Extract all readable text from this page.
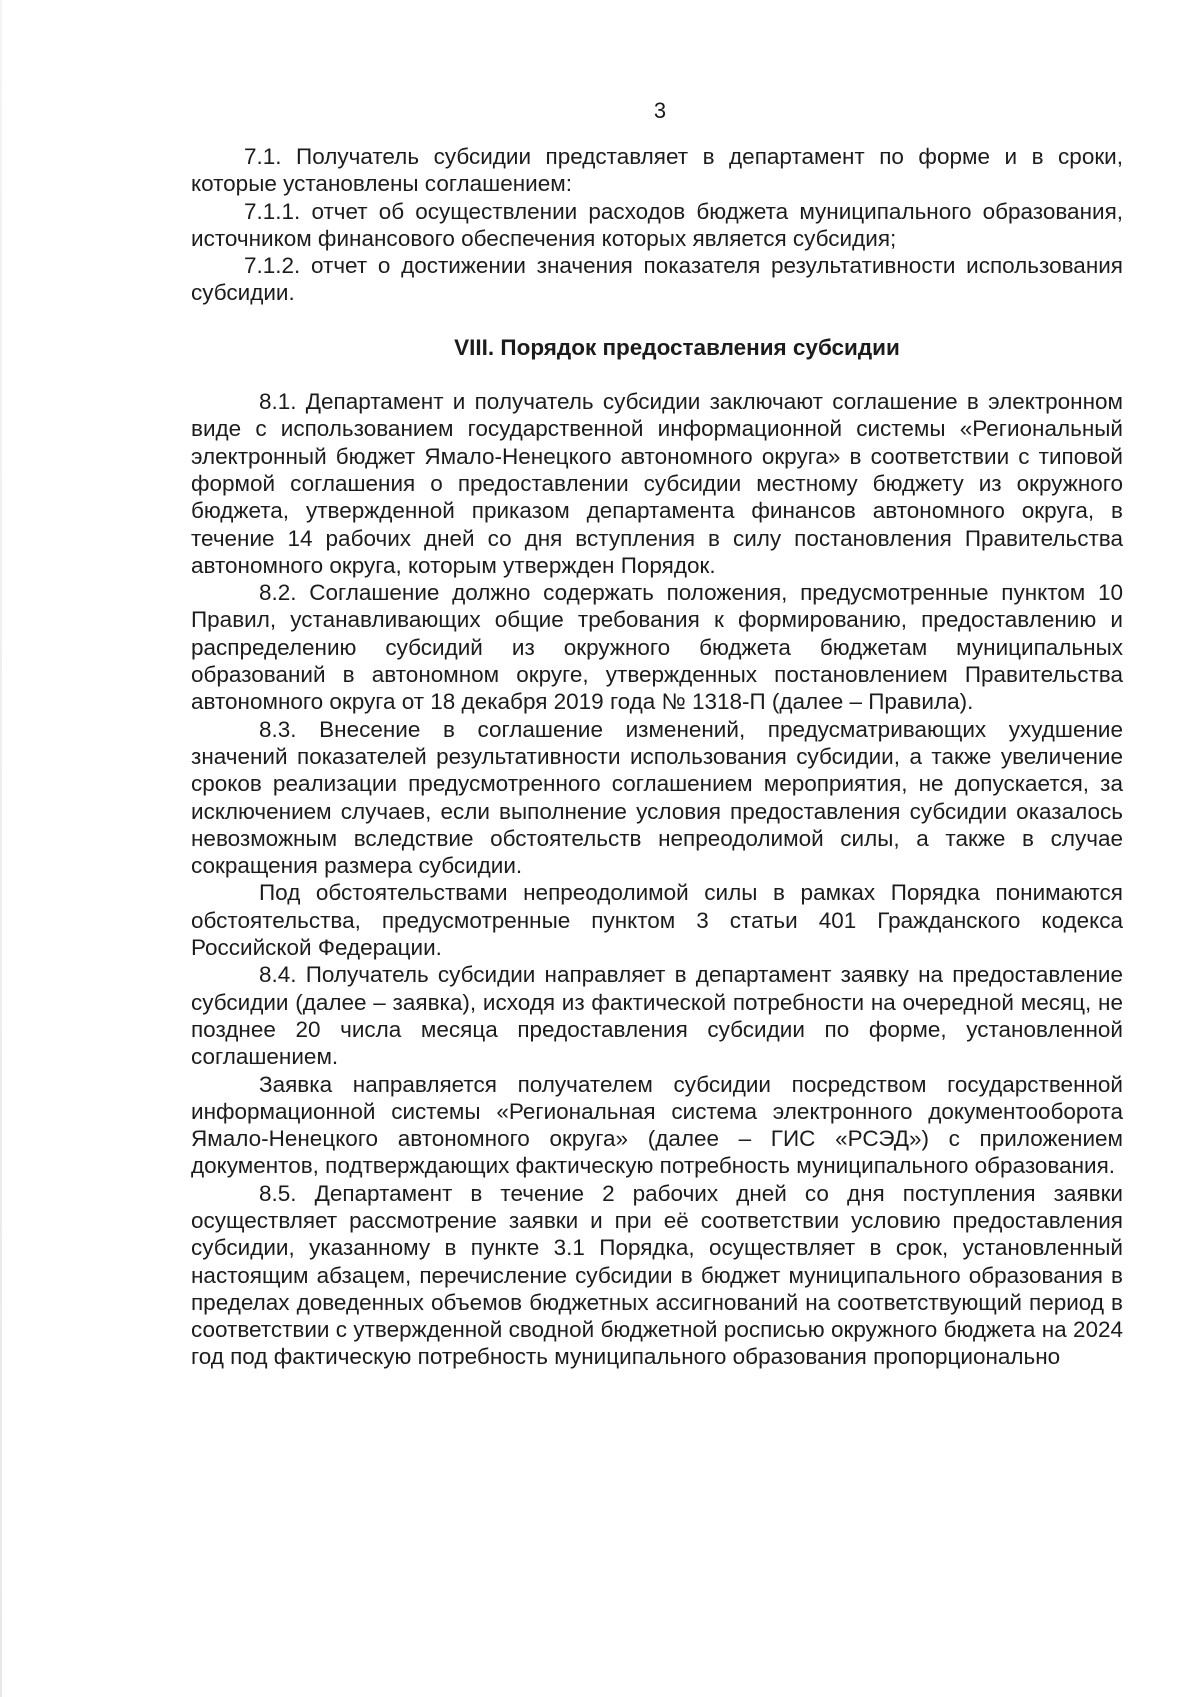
3

7.1. Получатель субсидии представляет в департамент по форме и в сроки, которые установлены соглашением:

7.1.1. отчет об осуществлении расходов бюджета муниципального образования, источником финансового обеспечения которых является субсидия;

7.1.2. отчет о достижении значения показателя результативности использования субсидии.

VIII. Порядок предоставления субсидии

8.1. Департамент и получатель субсидии заключают соглашение в электронном виде с использованием государственной информационной системы «Региональный электронный бюджет Ямало-Ненецкого автономного округа» в соответствии с типовой формой соглашения о предоставлении субсидии местному бюджету из окружного бюджета, утвержденной приказом департамента финансов автономного округа, в течение 14 рабочих дней со дня вступления в силу постановления Правительства автономного округа, которым утвержден Порядок.

8.2. Соглашение должно содержать положения, предусмотренные пунктом 10 Правил, устанавливающих общие требования к формированию, предоставлению и распределению субсидий из окружного бюджета бюджетам муниципальных образований в автономном округе, утвержденных постановлением Правительства автономного округа от 18 декабря 2019 года № 1318-П (далее – Правила).

8.3. Внесение в соглашение изменений, предусматривающих ухудшение значений показателей результативности использования субсидии, а также увеличение сроков реализации предусмотренного соглашением мероприятия, не допускается, за исключением случаев, если выполнение условия предоставления субсидии оказалось невозможным вследствие обстоятельств непреодолимой силы, а также в случае сокращения размера субсидии.

Под обстоятельствами непреодолимой силы в рамках Порядка понимаются обстоятельства, предусмотренные пунктом 3 статьи 401 Гражданского кодекса Российской Федерации.

8.4. Получатель субсидии направляет в департамент заявку на предоставление субсидии (далее – заявка), исходя из фактической потребности на очередной месяц, не позднее 20 числа месяца предоставления субсидии по форме, установленной соглашением.

Заявка направляется получателем субсидии посредством государственной информационной системы «Региональная система электронного документооборота Ямало-Ненецкого автономного округа» (далее – ГИС «РСЭД») с приложением документов, подтверждающих фактическую потребность муниципального образования.

8.5. Департамент в течение 2 рабочих дней со дня поступления заявки осуществляет рассмотрение заявки и при её соответствии условию предоставления субсидии, указанному в пункте 3.1 Порядка, осуществляет в срок, установленный настоящим абзацем, перечисление субсидии в бюджет муниципального образования в пределах доведенных объемов бюджетных ассигнований на соответствующий период в соответствии с утвержденной сводной бюджетной росписью окружного бюджета на 2024 год под фактическую потребность муниципального образования пропорционально
